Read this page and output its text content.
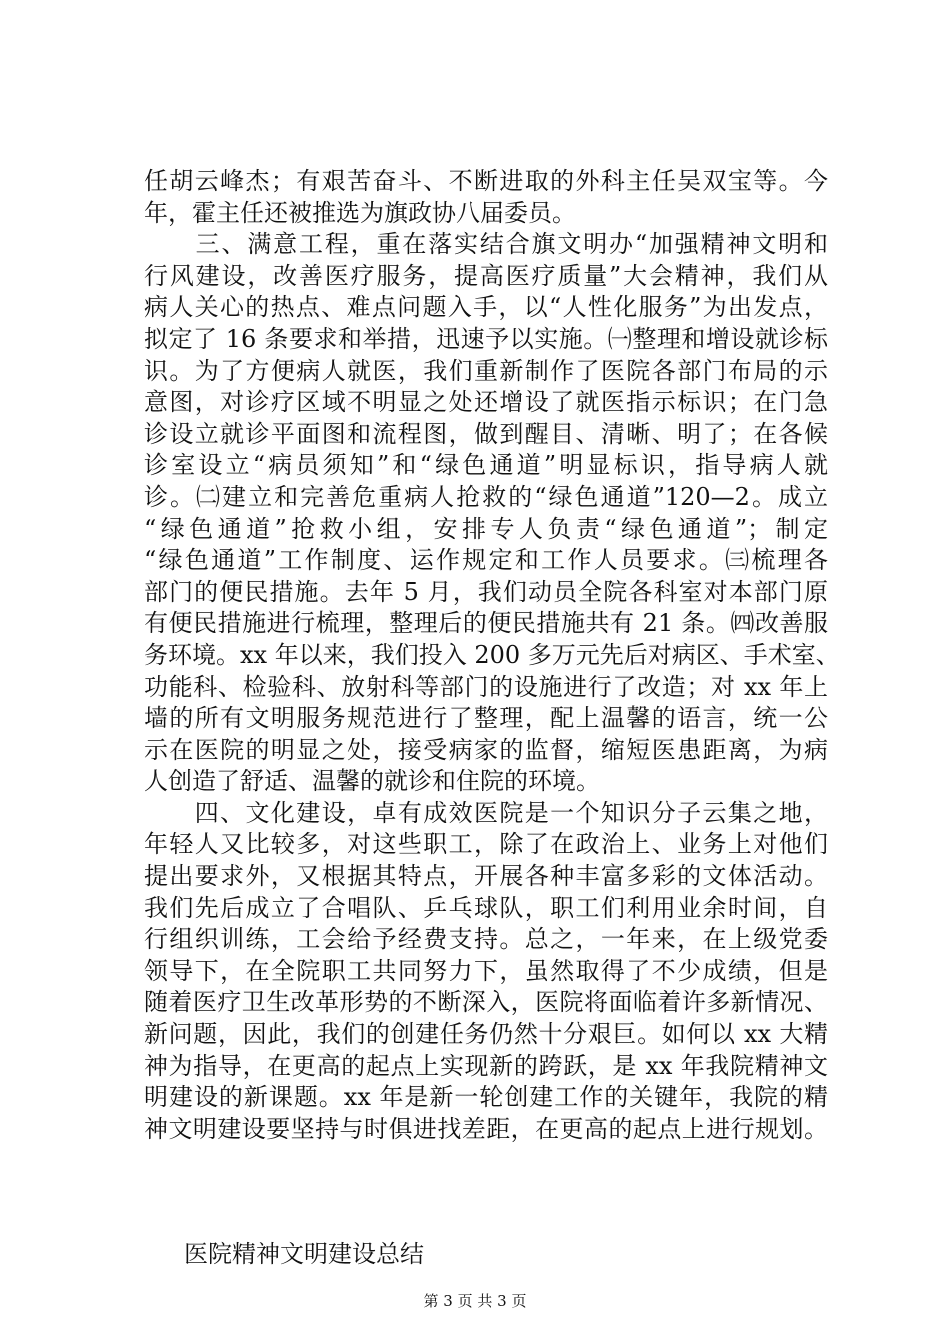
任胡云峰杰；有艰苦奋斗、不断进取的外科主任吴双宝等。今
年，霍主任还被推选为旗政协八届委员。
　　三、满意工程，重在落实结合旗文明办“加强精神文明和
行风建设，改善医疗服务，提高医疗质量”大会精神，我们从
病人关心的热点、难点问题入手，以“人性化服务”为出发点，
拟定了 16 条要求和举措，迅速予以实施。㈠整理和增设就诊标
识。为了方便病人就医，我们重新制作了医院各部门布局的示
意图，对诊疗区域不明显之处还增设了就医指示标识；在门急
诊设立就诊平面图和流程图，做到醒目、清晰、明了；在各候
诊室设立“病员须知”和“绿色通道”明显标识，指导病人就
诊。㈡建立和完善危重病人抢救的“绿色通道”120—2。成立
“绿色通道”抢救小组，安排专人负责“绿色通道”；制定
“绿色通道”工作制度、运作规定和工作人员要求。㈢梳理各
部门的便民措施。去年 5 月，我们动员全院各科室对本部门原
有便民措施进行梳理，整理后的便民措施共有 21 条。㈣改善服
务环境。xx 年以来，我们投入 200 多万元先后对病区、手术室、
功能科、检验科、放射科等部门的设施进行了改造；对 xx 年上
墙的所有文明服务规范进行了整理，配上温馨的语言，统一公
示在医院的明显之处，接受病家的监督，缩短医患距离，为病
人创造了舒适、温馨的就诊和住院的环境。
　　四、文化建设，卓有成效医院是一个知识分子云集之地，
年轻人又比较多，对这些职工，除了在政治上、业务上对他们
提出要求外，又根据其特点，开展各种丰富多彩的文体活动。
我们先后成立了合唱队、乒乓球队，职工们利用业余时间，自
行组织训练，工会给予经费支持。总之，一年来，在上级党委
领导下，在全院职工共同努力下，虽然取得了不少成绩，但是
随着医疗卫生改革形势的不断深入，医院将面临着许多新情况、
新问题，因此，我们的创建任务仍然十分艰巨。如何以 xx 大精
神为指导，在更高的起点上实现新的跨跃，是 xx 年我院精神文
明建设的新课题。xx 年是新一轮创建工作的关键年，我院的精
神文明建设要坚持与时俱进找差距，在更高的起点上进行规划。
医院精神文明建设总结
第 3 页 共 3 页
